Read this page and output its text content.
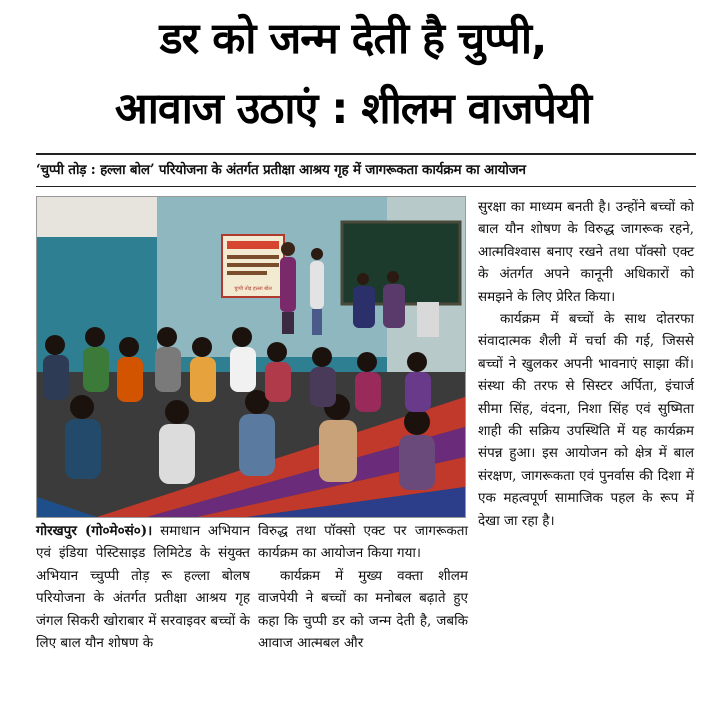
डर को जन्म देती है चुप्पी,
आवाज उठाएं : शीलम वाजपेयी
‘चुप्पी तोड़ : हल्ला बोल’ परियोजना के अंतर्गत प्रतीक्षा आश्रय गृह में जागरूकता कार्यक्रम का आयोजन
चुप्पी तोड़ हल्ला बोल

गोरखपुर (गो०मे०सं०)। समाधान अभियान एवं इंडिया पेस्टिसाइड लिमिटेड के संयुक्त अभियान च्चुप्पी तोड़ रू हल्ला बोलष परियोजना के अंतर्गत प्रतीक्षा आश्रय गृह जंगल सिकरी खोराबार में सरवाइवर बच्चों के लिए बाल यौन शोषण के

विरुद्ध तथा पॉक्सो एक्ट पर जागरूकता कार्यक्रम का आयोजन किया गया।

कार्यक्रम में मुख्य वक्ता शीलम वाजपेयी ने बच्चों का मनोबल बढ़ाते हुए कहा कि चुप्पी डर को जन्म देती है, जबकि आवाज आत्मबल और

सुरक्षा का माध्यम बनती है। उन्होंने बच्चों को बाल यौन शोषण के विरुद्ध जागरूक रहने, आत्मविश्वास बनाए रखने तथा पॉक्सो एक्ट के अंतर्गत अपने कानूनी अधिकारों को समझने के लिए प्रेरित किया।

कार्यक्रम में बच्चों के साथ दोतरफा संवादात्मक शैली में चर्चा की गई, जिससे बच्चों ने खुलकर अपनी भावनाएं साझा कीं। संस्था की तरफ से सिस्टर अर्पिता, इंचार्ज सीमा सिंह, वंदना, निशा सिंह एवं सुष्मिता शाही की सक्रिय उपस्थिति में यह कार्यक्रम संपन्न हुआ। इस आयोजन को क्षेत्र में बाल संरक्षण, जागरूकता एवं पुनर्वास की दिशा में एक महत्वपूर्ण सामाजिक पहल के रूप में देखा जा रहा है।
